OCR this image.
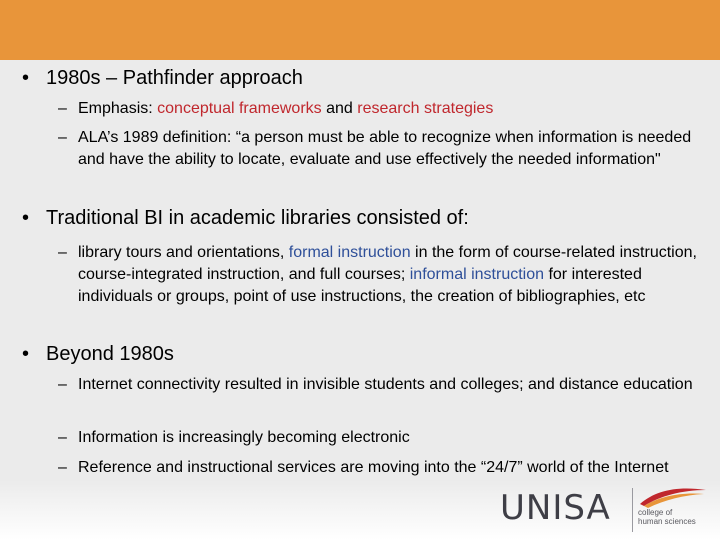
• 1980s – Pathfinder approach
– Emphasis: conceptual frameworks and research strategies
– ALA’s 1989 definition: “a person must be able to recognize when information is needed and have the ability to locate, evaluate and use effectively the needed information"
• Traditional BI in academic libraries consisted of:
– library tours and orientations, formal instruction in the form of course-related instruction, course-integrated instruction, and full courses; informal instruction for interested individuals or groups, point of use instructions, the creation of bibliographies, etc
• Beyond 1980s
– Internet connectivity resulted in invisible students and colleges; and distance education
– Information is increasingly becoming electronic
– Reference and instructional services are moving into the “24/7” world of the Internet
UNISA	college of
human sciences
